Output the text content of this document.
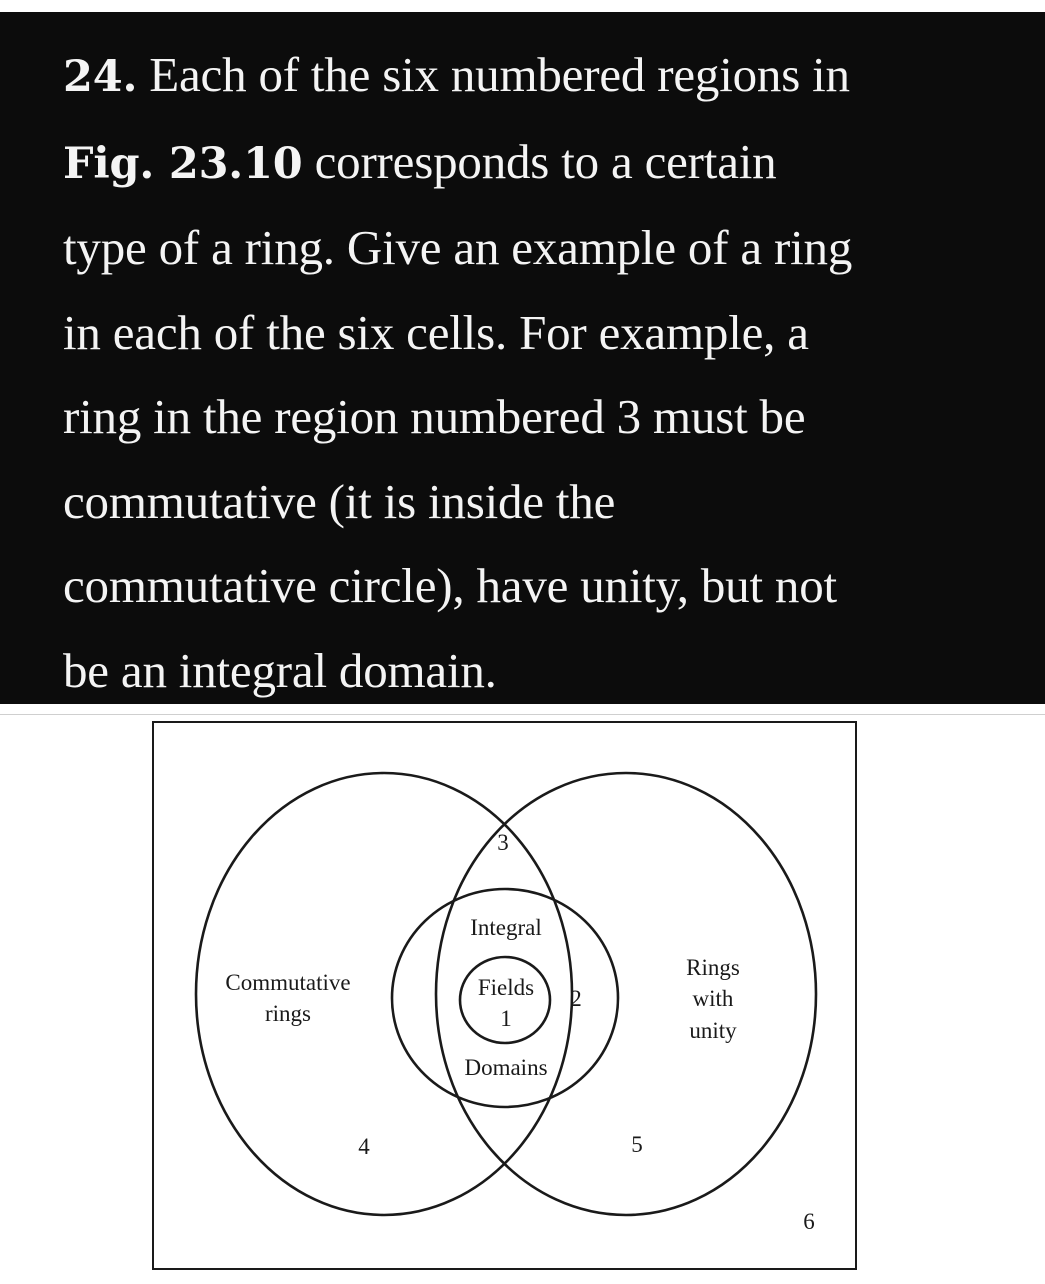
24. Each of the six numbered regions in
Fig. 23.10 corresponds to a certain
type of a ring. Give an example of a ring
in each of the six cells. For example, a
ring in the region numbered 3 must be
commutative (it is inside the
commutative circle), have unity, but not
be an integral domain.

Commutative
rings
Integral
Domains
Fields
Rings
with
unity
1
2
3
4	5
6
